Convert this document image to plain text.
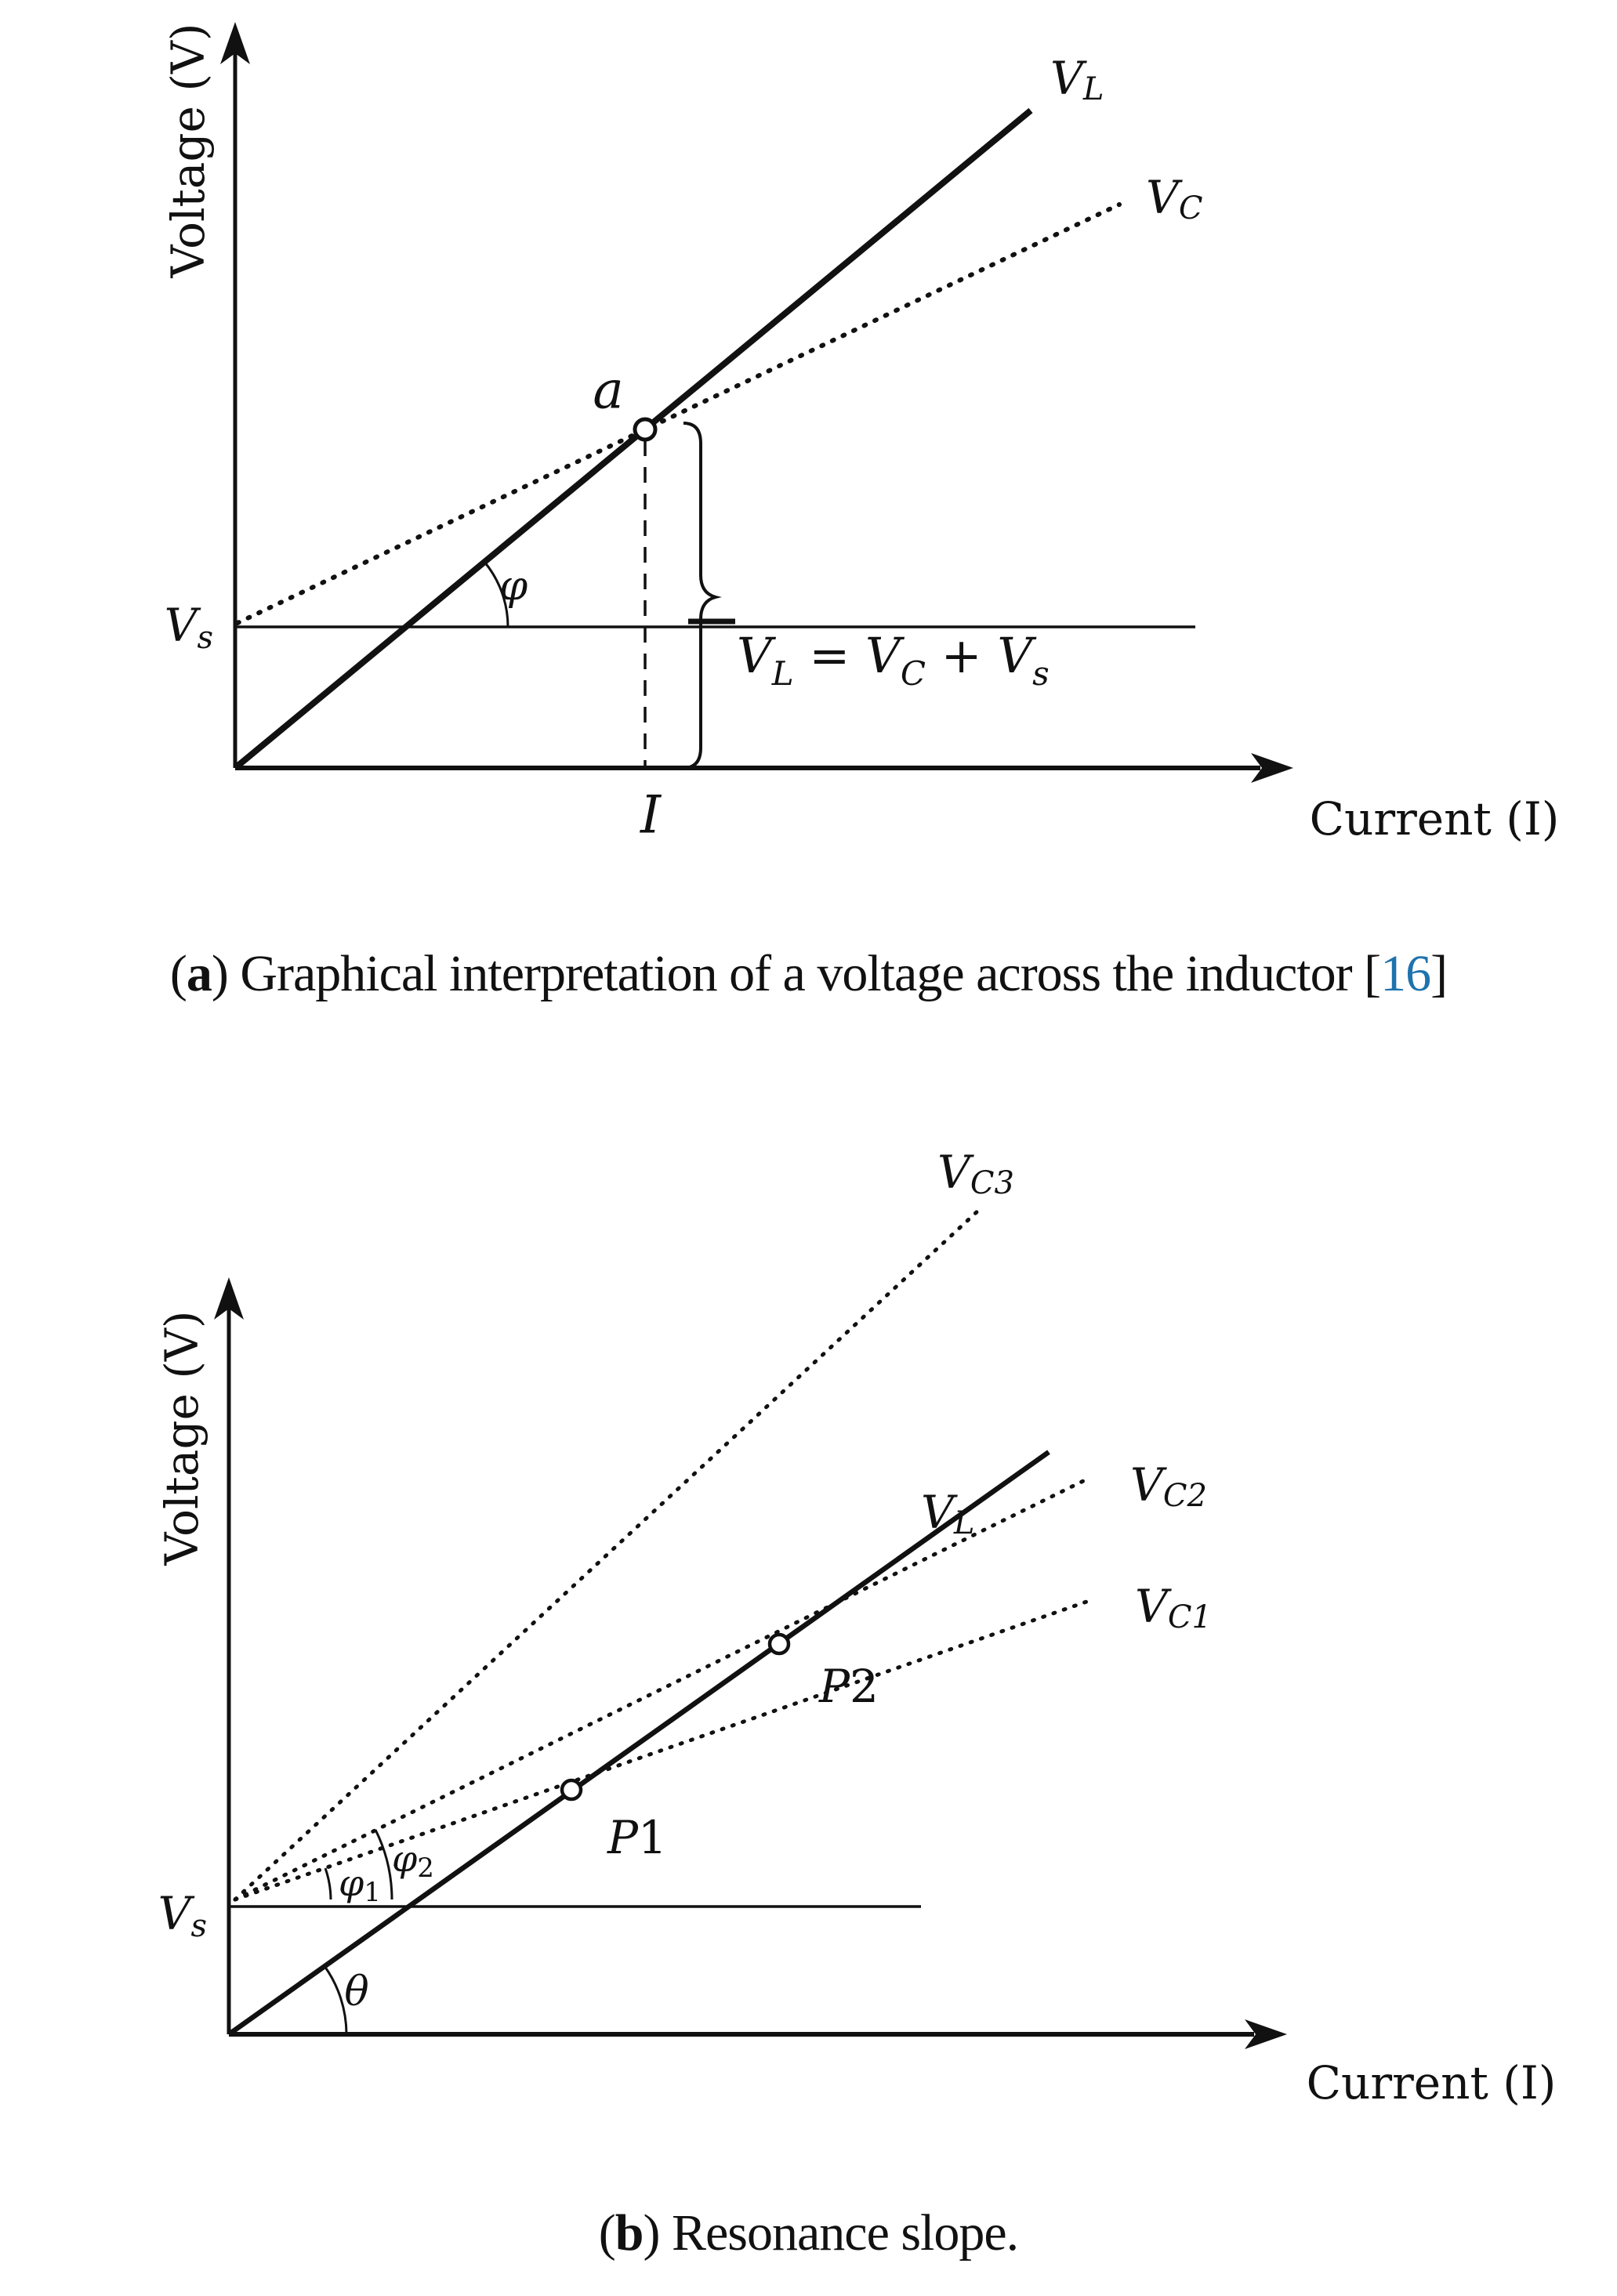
Voltage (V)
Current (I)
a
φ
I
VL
VC
Vs	VL = VC + Vs
( a ) Graphical interpretation of a voltage across the inductor [ 16 ]
Voltage (V)
Current (I)
VL
VC1
VC2
VC3
Vs
P1
P2
θ
φ1
φ2
( b ) Resonance slope.
